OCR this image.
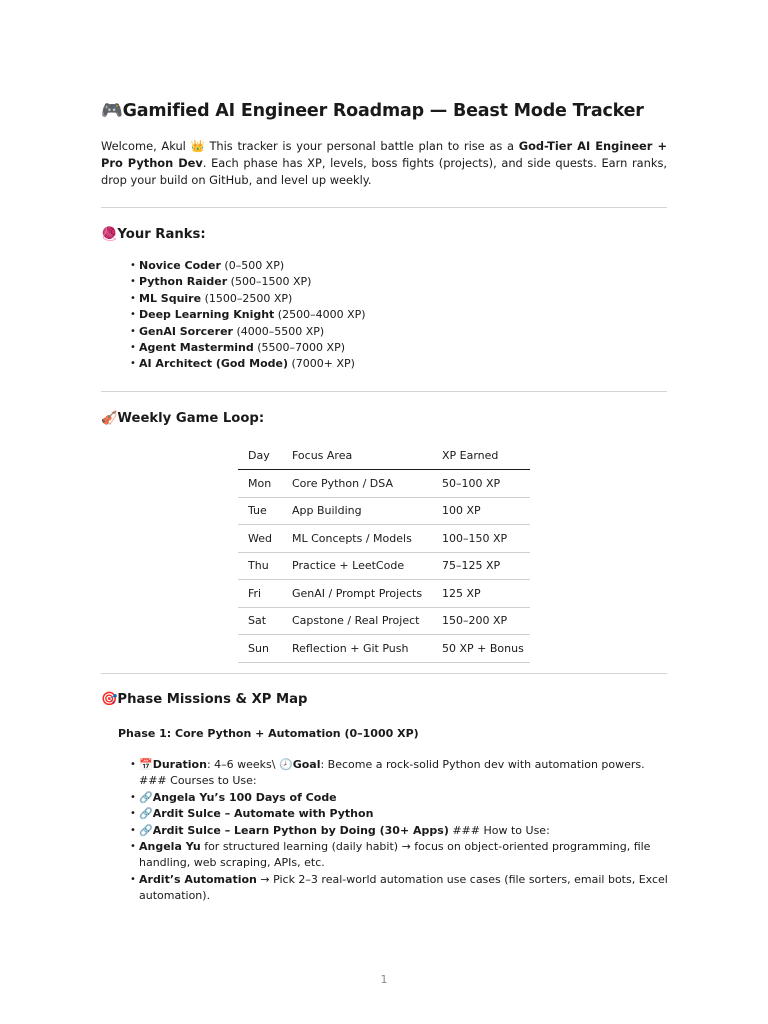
🎮Gamified AI Engineer Roadmap — Beast Mode Tracker

Welcome, Akul 👑 This tracker is your personal battle plan to rise as a God-Tier AI Engineer + Pro Python Dev. Each phase has XP, levels, boss fights (projects), and side quests. Earn ranks, drop your build on GitHub, and level up weekly.

🧶Your Ranks:
• Novice Coder (0–500 XP)
• Python Raider (500–1500 XP)
• ML Squire (1500–2500 XP)
• Deep Learning Knight (2500–4000 XP)
• GenAI Sorcerer (4000–5500 XP)
• Agent Mastermind (5500–7000 XP)
• AI Architect (God Mode) (7000+ XP)
🎻Weekly Game Loop:
Day	Focus Area	XP Earned
Mon	Core Python / DSA	50–100 XP
Tue	App Building	100 XP
Wed	ML Concepts / Models	100–150 XP
Thu	Practice + LeetCode	75–125 XP
Fri	GenAI / Prompt Projects	125 XP
Sat	Capstone / Real Project	150–200 XP
Sun	Reflection + Git Push	50 XP + Bonus
🎯Phase Missions & XP Map
Phase 1: Core Python + Automation (0–1000 XP)
• 📅Duration: 4–6 weeks\ 🕗Goal: Become a rock-solid Python dev with automation powers. ### Courses to Use:
• 🔗Angela Yu’s 100 Days of Code
• 🔗Ardit Sulce – Automate with Python
• 🔗Ardit Sulce – Learn Python by Doing (30+ Apps) ### How to Use:
• Angela Yu for structured learning (daily habit) → focus on object-oriented programming, file handling, web scraping, APIs, etc.
• Ardit’s Automation → Pick 2–3 real-world automation use cases (file sorters, email bots, Excel automation).
1
